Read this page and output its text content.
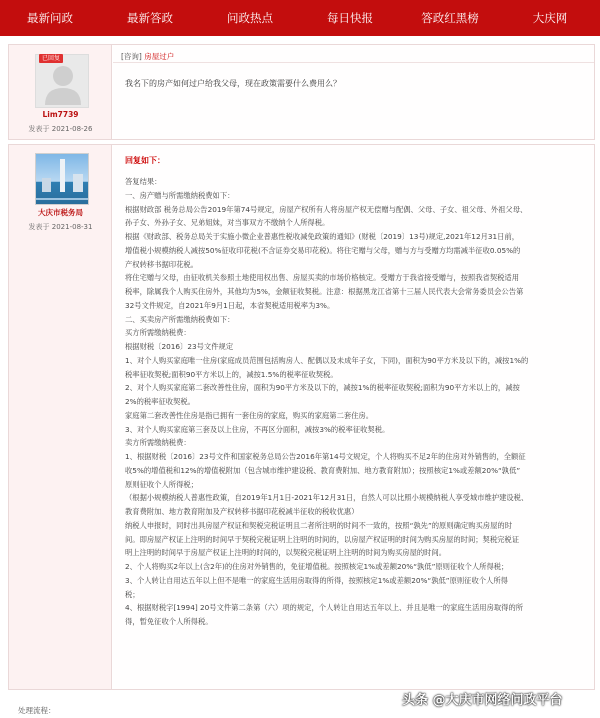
最新问政	最新答政	问政热点	每日快报	答政红黑榜	大庆网
已回复
Lim7739
发表于 2021-08-26
[咨询] 房屋过户
我名下的房产如何过户给我父母，现在政策需要什么费用么？
大庆市税务局
发表于 2021-08-31
回复如下：

答复结果：

一、房产赠与所需缴纳税费如下：

根据财政部 税务总局公告2019年第74号规定，房屋产权所有人将房屋产权无偿赠与配偶、父母、子女、祖父母、外祖父母、

孙子女、外孙子女、兄弟姐妹，对当事双方不缴纳个人所得税。

根据《财政部、税务总局关于实施小微企业普惠性税收减免政策的通知》(财税〔2019〕13号)规定,2021年12月31日前，

增值税小规模纳税人减按50%征收印花税(不含证券交易印花税)。将住宅赠与父母，赠与方与受赠方均需减半征收0.05%的

产权转移书据印花税。

将住宅赠与父母，由征收机关参照土地使用权出售、房屋买卖的市场价格核定。受赠方于我省接受赠与，按照我省契税适用

税率，除属我个人购买住房外，其他均为5%，金额征收契税。注意：根据黑龙江省第十三届人民代表大会常务委员会公告第

32号文件规定，自2021年9月1日起，本省契税适用税率为3%。

二、买卖房产所需缴纳税费如下：

买方所需缴纳税费：

根据财税〔2016〕23号文件规定

1、对个人购买家庭唯一住房(家庭成员范围包括购房人、配偶以及未成年子女，下同)，面积为90平方米及以下的，减按1%的

税率征收契税;面积90平方米以上的，减按1.5%的税率征收契税。

2、对个人购买家庭第二套改善性住房，面积为90平方米及以下的，减按1%的税率征收契税;面积为90平方米以上的，减按

2%的税率征收契税。

家庭第二套改善性住房是指已拥有一套住房的家庭，购买的家庭第二套住房。

3、对个人购买家庭第三套及以上住房，不再区分面积，减按3%的税率征收契税。

卖方所需缴纳税费：

1、根据财税〔2016〕23号文件和国家税务总局公告2016年第14号文规定，个人将购买不足2年的住房对外销售的，全额征

收5%的增值税和12%的增值税附加（包含城市维护建设税、教育费附加、地方教育附加）；按照核定1%或差额20%“孰低”

原则征收个人所得税；

（根据小规模纳税人普惠性政策，自2019年1月1日-2021年12月31日，自然人可以比照小规模纳税人享受城市维护建设税、

教育费附加、地方教育附加及产权转移书据印花税减半征收的税收优惠）

纳税人申报时，同时出具房屋产权证和契税完税证明且二者所注明的时间不一致的，按照“孰先”的原则确定购买房屋的时

间。即房屋产权证上注明的时间早于契税完税证明上注明的时间的，以房屋产权证明的时间为购买房屋的时间；契税完税证

明上注明的时间早于房屋产权证上注明的时间的，以契税完税证明上注明的时间为购买房屋的时间。

2、个人将购买2年以上(含2年)的住房对外销售的，免征增值税。按照核定1%或差额20%“孰低”原则征收个人所得税；

3、个人转让自用达五年以上但不是唯一的家庭生活用房取得的所得，按照核定1%或差额20%“孰低”原则征收个人所得

税；

4、根据财税字[1994] 20号文件第二条第（六）项的规定，个人转让自用达五年以上、并且是唯一的家庭生活用房取得的所

得，暂免征收个人所得税。

处理流程：
头条 @大庆市网络问政平台
